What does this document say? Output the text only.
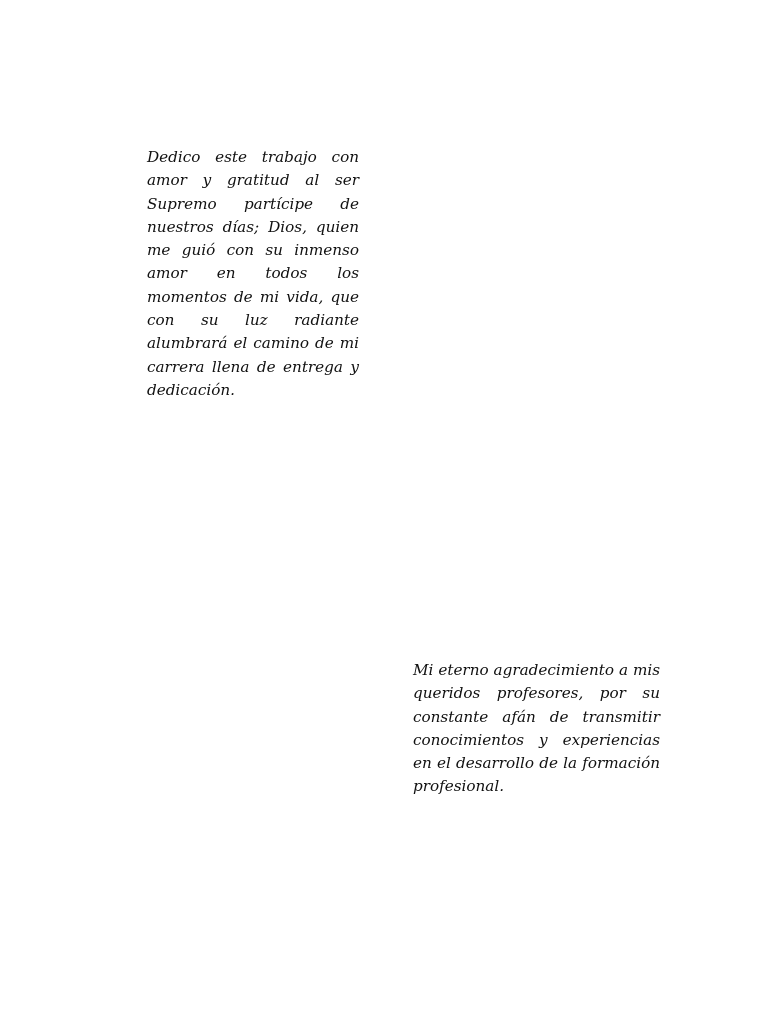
Dedico este trabajo con amor y gratitud al ser Supremo partícipe de nuestros días; Dios, quien me guió con su inmenso amor en todos los momentos de mi vida, que con su luz radiante alumbrará el camino de mi carrera llena de entrega y dedicación.

Mi eterno agradecimiento a mis queridos profesores, por su constante afán de transmitir conocimientos y experiencias en el desarrollo de la formación profesional.
